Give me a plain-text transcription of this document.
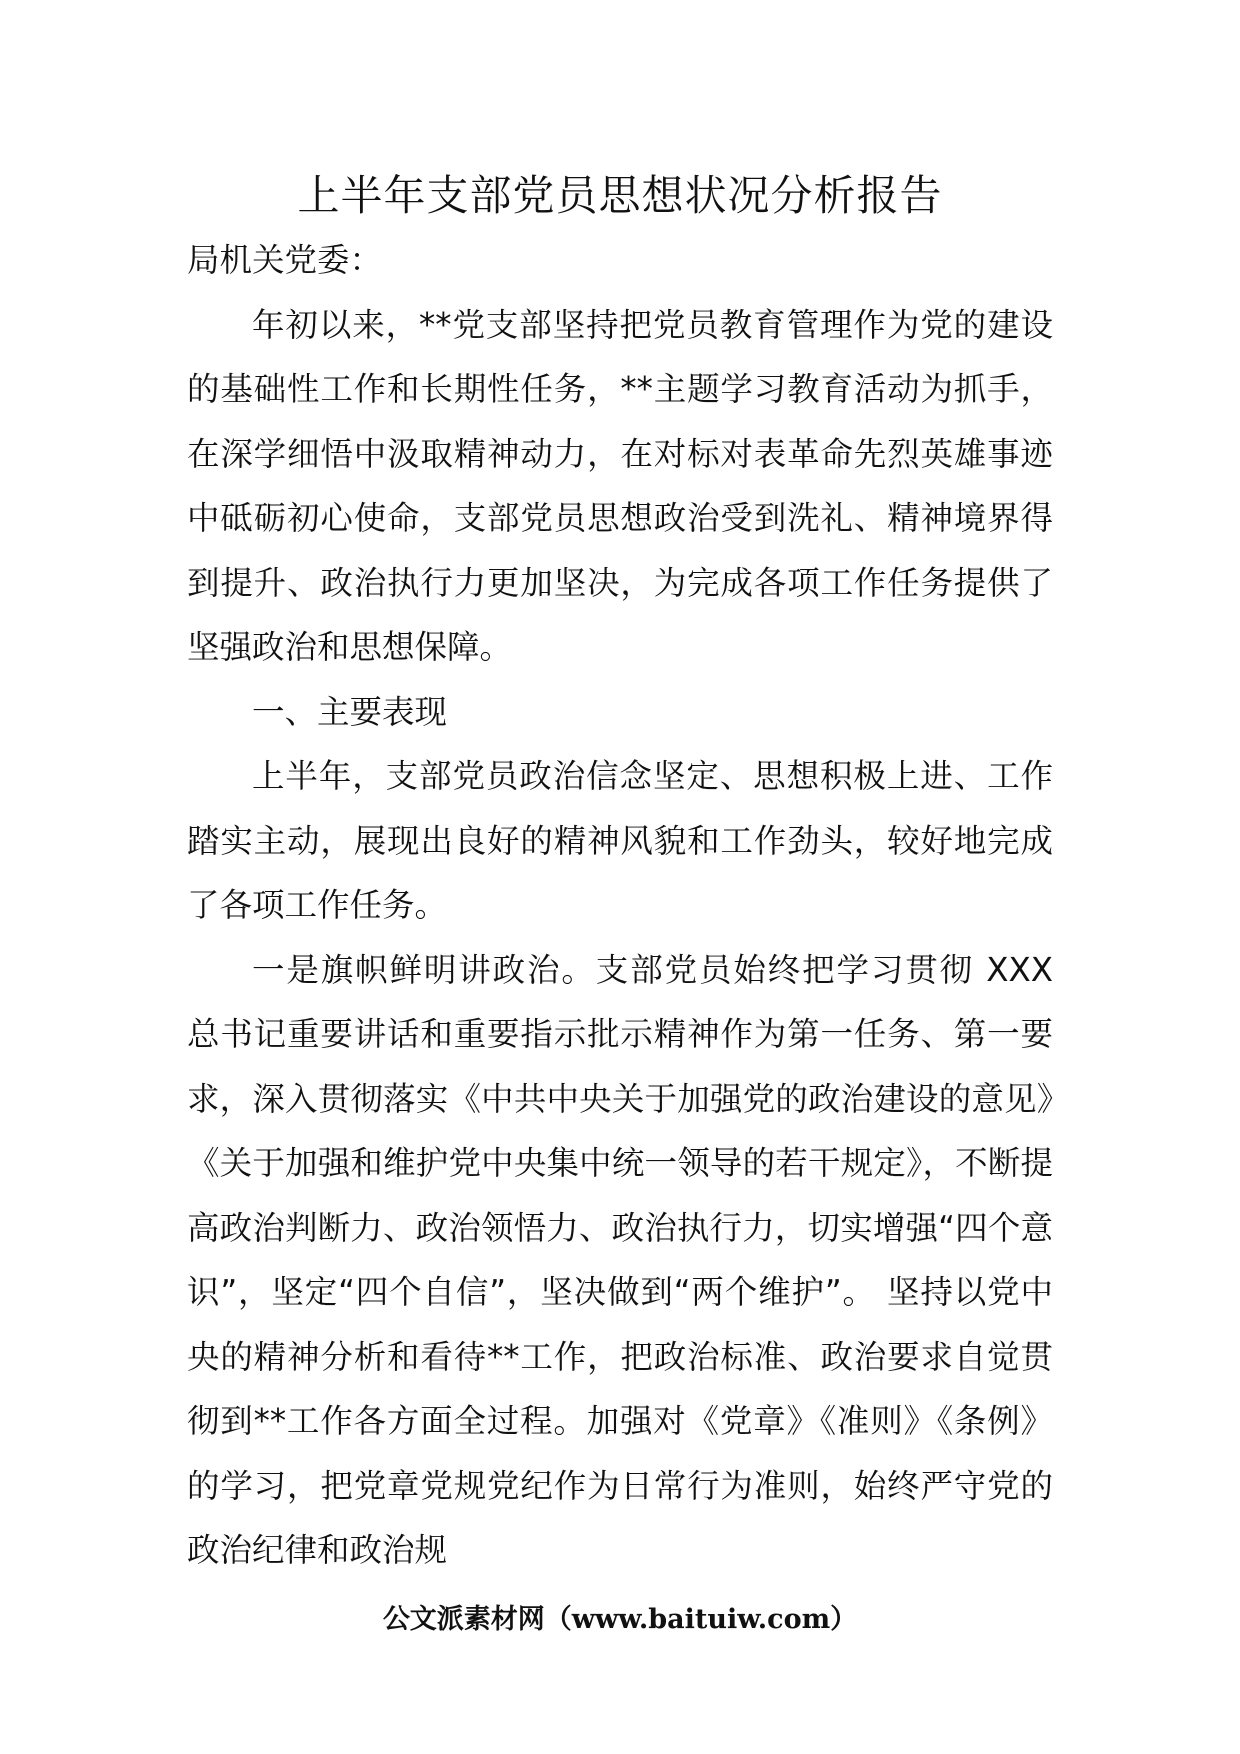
上半年支部党员思想状况分析报告

局机关党委：

年初以来，**党支部坚持把党员教育管理作为党的建设的基础性工作和长期性任务，**主题学习教育活动为抓手，在深学细悟中汲取精神动力，在对标对表革命先烈英雄事迹中砥砺初心使命，支部党员思想政治受到洗礼、精神境界得到提升、政治执行力更加坚决，为完成各项工作任务提供了坚强政治和思想保障。

一、主要表现

上半年，支部党员政治信念坚定、思想积极上进、工作踏实主动，展现出良好的精神风貌和工作劲头，较好地完成了各项工作任务。

一是旗帜鲜明讲政治。支部党员始终把学习贯彻 XXX 总书记重要讲话和重要指示批示精神作为第一任务、第一要求，深入贯彻落实《中共中央关于加强党的政治建设的意见》《关于加强和维护党中央集中统一领导的若干规定》，不断提高政治判断力、政治领悟力、政治执行力，切实增强“四个意识”，坚定“四个自信”，坚决做到“两个维护”。 坚持以党中央的精神分析和看待**工作，把政治标准、政治要求自觉贯彻到**工作各方面全过程。加强对《党章》《准则》《条例》的学习，把党章党规党纪作为日常行为准则，始终严守党的政治纪律和政治规

公文派素材网（www.baituiw.com）
